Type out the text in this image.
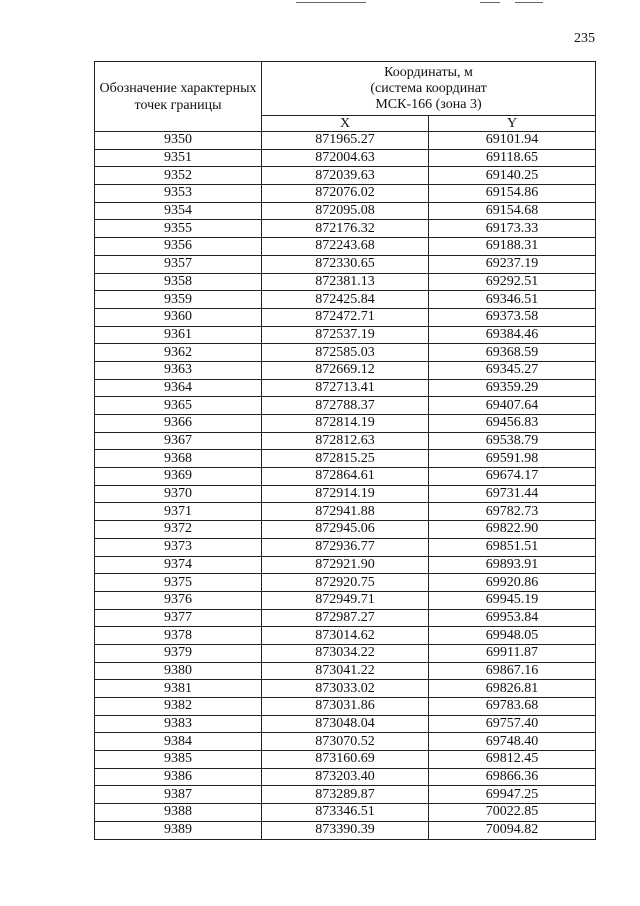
235
Обозначение характерных точек границы	Координаты, м
(система координат
МСК-166 (зона 3)	

	X	Y
9350	871965.27	69101.94
9351	872004.63	69118.65
9352	872039.63	69140.25
9353	872076.02	69154.86
9354	872095.08	69154.68
9355	872176.32	69173.33
9356	872243.68	69188.31
9357	872330.65	69237.19
9358	872381.13	69292.51
9359	872425.84	69346.51
9360	872472.71	69373.58
9361	872537.19	69384.46
9362	872585.03	69368.59
9363	872669.12	69345.27
9364	872713.41	69359.29
9365	872788.37	69407.64
9366	872814.19	69456.83
9367	872812.63	69538.79
9368	872815.25	69591.98
9369	872864.61	69674.17
9370	872914.19	69731.44
9371	872941.88	69782.73
9372	872945.06	69822.90
9373	872936.77	69851.51
9374	872921.90	69893.91
9375	872920.75	69920.86
9376	872949.71	69945.19
9377	872987.27	69953.84
9378	873014.62	69948.05
9379	873034.22	69911.87
9380	873041.22	69867.16
9381	873033.02	69826.81
9382	873031.86	69783.68
9383	873048.04	69757.40
9384	873070.52	69748.40
9385	873160.69	69812.45
9386	873203.40	69866.36
9387	873289.87	69947.25
9388	873346.51	70022.85
9389	873390.39	70094.82
